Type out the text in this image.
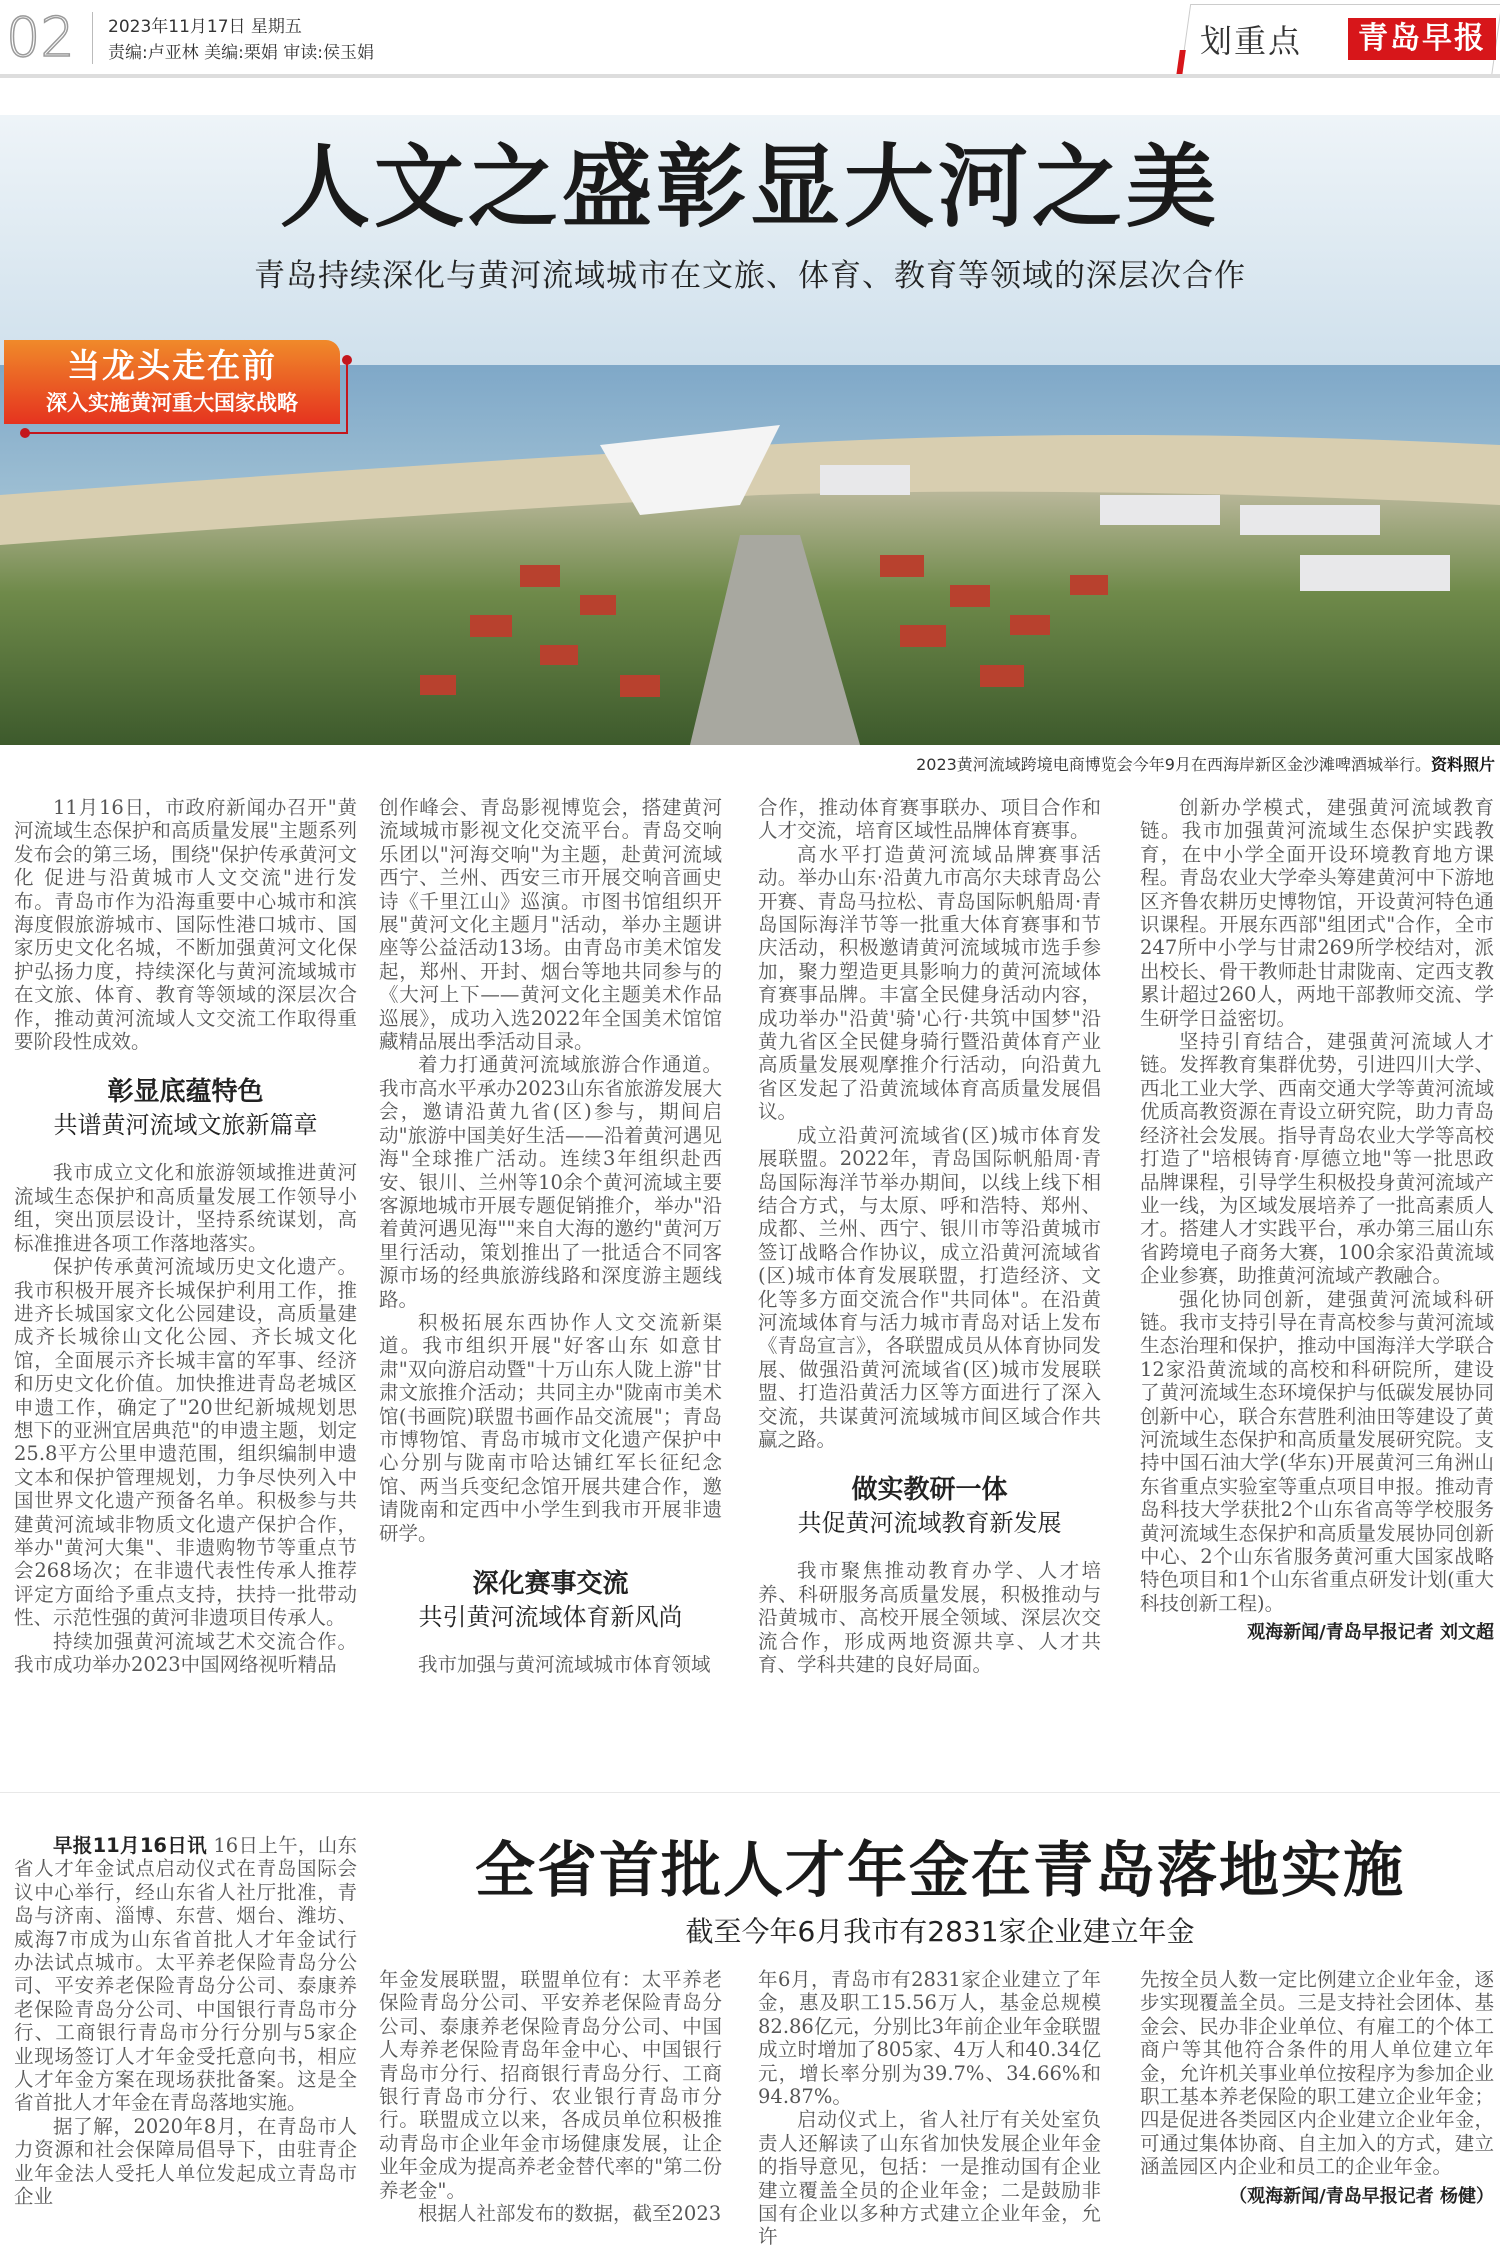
02 2023年11月17日 星期五
责编:卢亚林 美编:栗娟 审读:侯玉娟	划重点	青岛早报
人文之盛彰显大河之美
青岛持续深化与黄河流域城市在文旅、体育、教育等领域的深层次合作
当龙头走在前
深入实施黄河重大国家战略
2023黄河流域跨境电商博览会今年9月在西海岸新区金沙滩啤酒城举行。资料照片

11月16日，市政府新闻办召开"黄河流域生态保护和高质量发展"主题系列发布会的第三场，围绕"保护传承黄河文化 促进与沿黄城市人文交流"进行发布。青岛市作为沿海重要中心城市和滨海度假旅游城市、国际性港口城市、国家历史文化名城，不断加强黄河文化保护弘扬力度，持续深化与黄河流域城市在文旅、体育、教育等领域的深层次合作，推动黄河流域人文交流工作取得重要阶段性成效。

彰显底蕴特色
共谱黄河流域文旅新篇章

我市成立文化和旅游领域推进黄河流域生态保护和高质量发展工作领导小组，突出顶层设计，坚持系统谋划，高标准推进各项工作落地落实。

保护传承黄河流域历史文化遗产。我市积极开展齐长城保护利用工作，推进齐长城国家文化公园建设，高质量建成齐长城徐山文化公园、齐长城文化馆，全面展示齐长城丰富的军事、经济和历史文化价值。加快推进青岛老城区申遗工作，确定了"20世纪新城规划思想下的亚洲宜居典范"的申遗主题，划定25.8平方公里申遗范围，组织编制申遗文本和保护管理规划，力争尽快列入中国世界文化遗产预备名单。积极参与共建黄河流域非物质文化遗产保护合作，举办"黄河大集"、非遗购物节等重点节会268场次；在非遗代表性传承人推荐评定方面给予重点支持，扶持一批带动性、示范性强的黄河非遗项目传承人。

持续加强黄河流域艺术交流合作。我市成功举办2023中国网络视听精品

创作峰会、青岛影视博览会，搭建黄河流域城市影视文化交流平台。青岛交响乐团以"河海交响"为主题，赴黄河流域西宁、兰州、西安三市开展交响音画史诗《千里江山》巡演。市图书馆组织开展"黄河文化主题月"活动，举办主题讲座等公益活动13场。由青岛市美术馆发起，郑州、开封、烟台等地共同参与的《大河上下——黄河文化主题美术作品巡展》，成功入选2022年全国美术馆馆藏精品展出季活动目录。

着力打通黄河流域旅游合作通道。我市高水平承办2023山东省旅游发展大会，邀请沿黄九省(区)参与，期间启动"旅游中国美好生活——沿着黄河遇见海"全球推广活动。连续3年组织赴西安、银川、兰州等10余个黄河流域主要客源地城市开展专题促销推介，举办"沿着黄河遇见海""来自大海的邀约"黄河万里行活动，策划推出了一批适合不同客源市场的经典旅游线路和深度游主题线路。

积极拓展东西协作人文交流新渠道。我市组织开展"好客山东 如意甘肃"双向游启动暨"十万山东人陇上游"甘肃文旅推介活动；共同主办"陇南市美术馆(书画院)联盟书画作品交流展"；青岛市博物馆、青岛市城市文化遗产保护中心分别与陇南市哈达铺红军长征纪念馆、两当兵变纪念馆开展共建合作，邀请陇南和定西中小学生到我市开展非遗研学。

深化赛事交流
共引黄河流域体育新风尚

我市加强与黄河流域城市体育领域

合作，推动体育赛事联办、项目合作和人才交流，培育区域性品牌体育赛事。

高水平打造黄河流域品牌赛事活动。举办山东·沿黄九市高尔夫球青岛公开赛、青岛马拉松、青岛国际帆船周·青岛国际海洋节等一批重大体育赛事和节庆活动，积极邀请黄河流域城市选手参加，聚力塑造更具影响力的黄河流域体育赛事品牌。丰富全民健身活动内容，成功举办"沿黄'骑'心行·共筑中国梦"沿黄九省区全民健身骑行暨沿黄体育产业高质量发展观摩推介行活动，向沿黄九省区发起了沿黄流域体育高质量发展倡议。

成立沿黄河流域省(区)城市体育发展联盟。2022年，青岛国际帆船周·青岛国际海洋节举办期间，以线上线下相结合方式，与太原、呼和浩特、郑州、成都、兰州、西宁、银川市等沿黄城市签订战略合作协议，成立沿黄河流域省(区)城市体育发展联盟，打造经济、文化等多方面交流合作"共同体"。在沿黄河流域体育与活力城市青岛对话上发布《青岛宣言》，各联盟成员从体育协同发展、做强沿黄河流域省(区)城市发展联盟、打造沿黄活力区等方面进行了深入交流，共谋黄河流域城市间区域合作共赢之路。

做实教研一体
共促黄河流域教育新发展

我市聚焦推动教育办学、人才培养、科研服务高质量发展，积极推动与沿黄城市、高校开展全领域、深层次交流合作，形成两地资源共享、人才共育、学科共建的良好局面。

创新办学模式，建强黄河流域教育链。我市加强黄河流域生态保护实践教育，在中小学全面开设环境教育地方课程。青岛农业大学牵头筹建黄河中下游地区齐鲁农耕历史博物馆，开设黄河特色通识课程。开展东西部"组团式"合作，全市247所中小学与甘肃269所学校结对，派出校长、骨干教师赴甘肃陇南、定西支教累计超过260人，两地干部教师交流、学生研学日益密切。

坚持引育结合，建强黄河流域人才链。发挥教育集群优势，引进四川大学、西北工业大学、西南交通大学等黄河流域优质高教资源在青设立研究院，助力青岛经济社会发展。指导青岛农业大学等高校打造了"培根铸育·厚德立地"等一批思政品牌课程，引导学生积极投身黄河流域产业一线，为区域发展培养了一批高素质人才。搭建人才实践平台，承办第三届山东省跨境电子商务大赛，100余家沿黄流域企业参赛，助推黄河流域产教融合。

强化协同创新，建强黄河流域科研链。我市支持引导在青高校参与黄河流域生态治理和保护，推动中国海洋大学联合12家沿黄流域的高校和科研院所，建设了黄河流域生态环境保护与低碳发展协同创新中心，联合东营胜利油田等建设了黄河流域生态保护和高质量发展研究院。支持中国石油大学(华东)开展黄河三角洲山东省重点实验室等重点项目申报。推动青岛科技大学获批2个山东省高等学校服务黄河流域生态保护和高质量发展协同创新中心、2个山东省服务黄河重大国家战略特色项目和1个山东省重点研发计划(重大科技创新工程)。

观海新闻/青岛早报记者 刘文超
全省首批人才年金在青岛落地实施
截至今年6月我市有2831家企业建立年金

早报11月16日讯 16日上午，山东省人才年金试点启动仪式在青岛国际会议中心举行，经山东省人社厅批准，青岛与济南、淄博、东营、烟台、潍坊、威海7市成为山东省首批人才年金试行办法试点城市。太平养老保险青岛分公司、平安养老保险青岛分公司、泰康养老保险青岛分公司、中国银行青岛市分行、工商银行青岛市分行分别与5家企业现场签订人才年金受托意向书，相应人才年金方案在现场获批备案。这是全省首批人才年金在青岛落地实施。

据了解，2020年8月，在青岛市人力资源和社会保障局倡导下，由驻青企业年金法人受托人单位发起成立青岛市企业

年金发展联盟，联盟单位有：太平养老保险青岛分公司、平安养老保险青岛分公司、泰康养老保险青岛分公司、中国人寿养老保险青岛年金中心、中国银行青岛市分行、招商银行青岛分行、工商银行青岛市分行、农业银行青岛市分行。联盟成立以来，各成员单位积极推动青岛市企业年金市场健康发展，让企业年金成为提高养老金替代率的"第二份养老金"。

根据人社部发布的数据，截至2023

年6月，青岛市有2831家企业建立了年金，惠及职工15.56万人，基金总规模82.86亿元，分别比3年前企业年金联盟成立时增加了805家、4万人和40.34亿元，增长率分别为39.7%、34.66%和94.87%。

启动仪式上，省人社厅有关处室负责人还解读了山东省加快发展企业年金的指导意见，包括：一是推动国有企业建立覆盖全员的企业年金；二是鼓励非国有企业以多种方式建立企业年金，允许

先按全员人数一定比例建立企业年金，逐步实现覆盖全员。三是支持社会团体、基金会、民办非企业单位、有雇工的个体工商户等其他符合条件的用人单位建立年金，允许机关事业单位按程序为参加企业职工基本养老保险的职工建立企业年金；四是促进各类园区内企业建立企业年金，可通过集体协商、自主加入的方式，建立涵盖园区内企业和员工的企业年金。

（观海新闻/青岛早报记者 杨健）
